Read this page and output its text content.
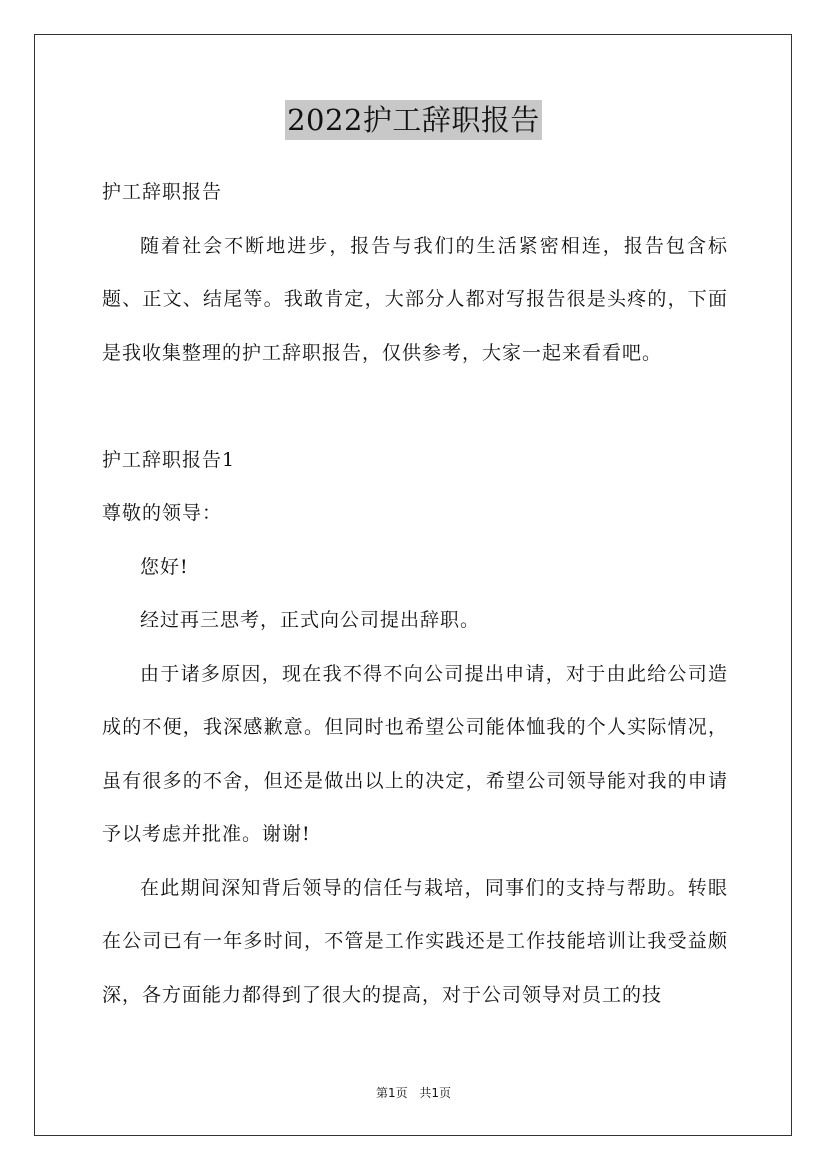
2022护工辞职报告

护工辞职报告

随着社会不断地进步，报告与我们的生活紧密相连，报告包含标题、正文、结尾等。我敢肯定，大部分人都对写报告很是头疼的，下面是我收集整理的护工辞职报告，仅供参考，大家一起来看看吧。

护工辞职报告1

尊敬的领导：

您好!

经过再三思考，正式向公司提出辞职。

由于诸多原因，现在我不得不向公司提出申请，对于由此给公司造成的不便，我深感歉意。但同时也希望公司能体恤我的个人实际情况，虽有很多的不舍，但还是做出以上的决定，希望公司领导能对我的申请予以考虑并批准。谢谢!

在此期间深知背后领导的信任与栽培，同事们的支持与帮助。转眼在公司已有一年多时间，不管是工作实践还是工作技能培训让我受益颇深，各方面能力都得到了很大的提高，对于公司领导对员工的技

第1页 共1页
